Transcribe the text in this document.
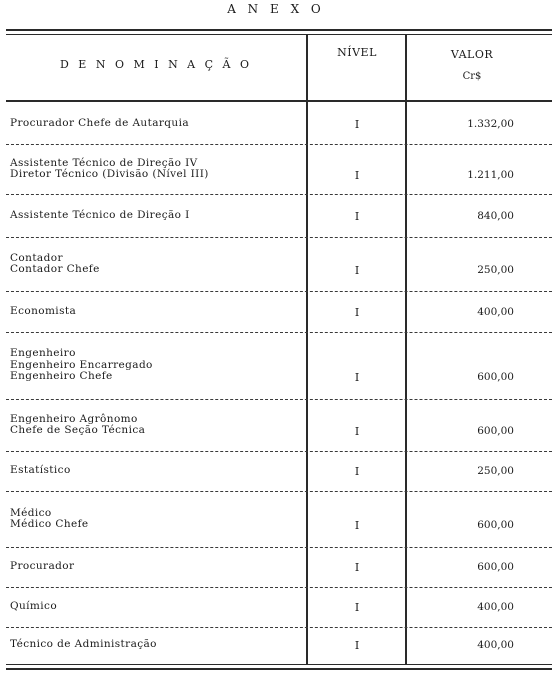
A N E X O
D E N O M I N A Ç Ã O
NÍVEL	VALOR
Cr$
Procurador Chefe de Autarquia	I	1.332,00
Assistente Técnico de Direção IV
Diretor Técnico (Divisão (Nível III)	I	1.211,00
Assistente Técnico de Direção I	I	840,00
Contador
Contador Chefe	I	250,00
Economista	I	400,00
Engenheiro
Engenheiro Encarregado
Engenheiro Chefe	I	600,00
Engenheiro Agrônomo
Chefe de Seção Técnica	I	600,00
Estatístico	I	250,00
Médico
Médico Chefe	I	600,00
Procurador	I	600,00
Químico	I	400,00
Técnico de Administração	I	400,00
